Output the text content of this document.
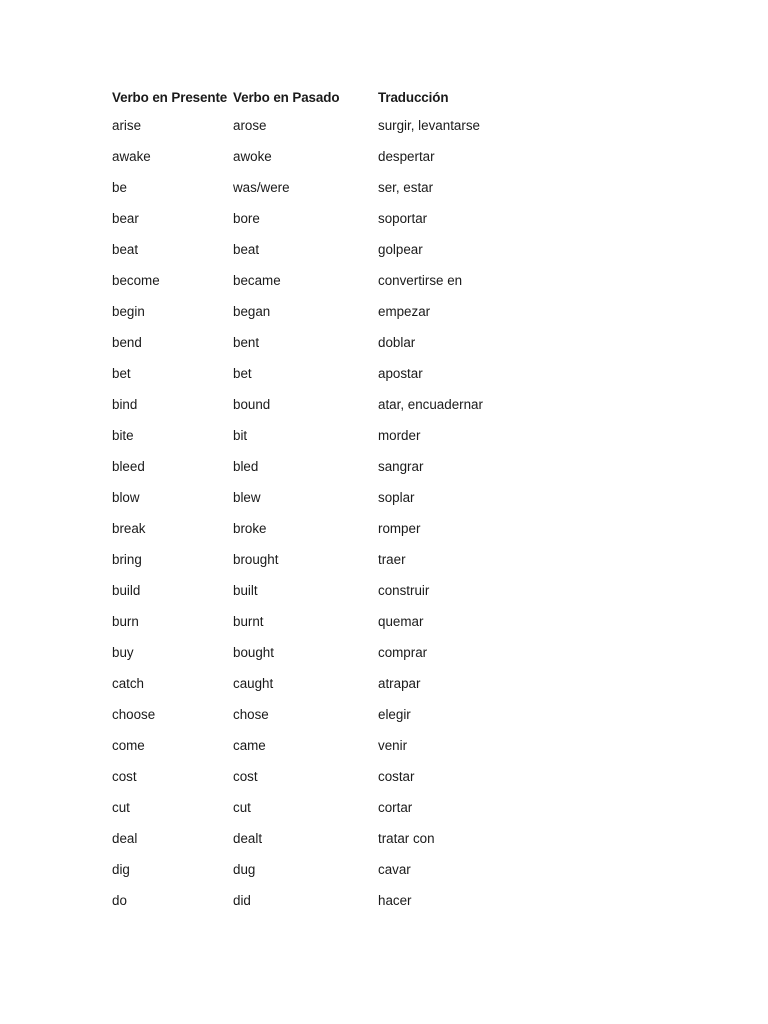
Verbo en Presente	Verbo en Pasado	Traducción
arise	arose	surgir, levantarse
awake	awoke	despertar
be	was/were	ser, estar
bear	bore	soportar
beat	beat	golpear
become	became	convertirse en
begin	began	empezar
bend	bent	doblar
bet	bet	apostar
bind	bound	atar, encuadernar
bite	bit	morder
bleed	bled	sangrar
blow	blew	soplar
break	broke	romper
bring	brought	traer
build	built	construir
burn	burnt	quemar
buy	bought	comprar
catch	caught	atrapar
choose	chose	elegir
come	came	venir
cost	cost	costar
cut	cut	cortar
deal	dealt	tratar con
dig	dug	cavar
do	did	hacer
